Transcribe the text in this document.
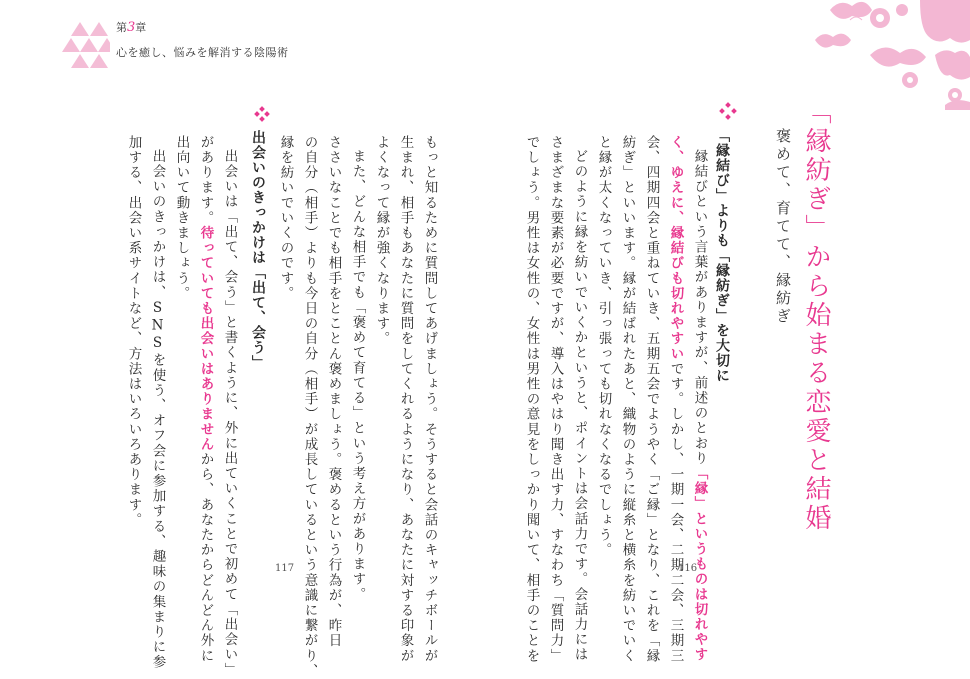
第3章
心を癒し、悩みを解消する陰陽術
もっと知るために質問してあげましょう。そうすると会話のキャッチボールが
生まれ、相手もあなたに質問をしてくれるようになり、あなたに対する印象が
よくなって縁が強くなります。
また、どんな相手でも「褒めて育てる」という考え方があります。
ささいなことでも相手をとことん褒めましょう。褒めるという行為が、昨日
の自分（相手）よりも今日の自分（相手）が成長しているという意識に繋がり、
縁を紡いでいくのです。
出会いのきっかけは「出て、会う」
出会いは「出て、会う」と書くように、外に出ていくことで初めて「出会い」
があります。待っていても出会いはありませんから、あなたからどんどん外に
出向いて動きましょう。
出会いのきっかけは、SNSを使う、オフ会に参加する、趣味の集まりに参
加する、出会い系サイトなど、方法はいろいろあります。
117
「縁紡ぎ」から始まる恋愛と結婚
褒めて、育てて、縁紡ぎ
「縁結び」よりも「縁紡ぎ」を大切に
縁結びという言葉がありますが、前述のとおり「縁」というものは切れやす
く、ゆえに、縁結びも切れやすいです。しかし、一期一会、二期二会、三期三
会、四期四会と重ねていき、五期五会でようやく「ご縁」となり、これを「縁
紡ぎ」といいます。縁が結ばれたあと、織物のように縦糸と横糸を紡いでいく
と縁が太くなっていき、引っ張っても切れなくなるでしょう。
どのように縁を紡いでいくかというと、ポイントは会話力です。会話力には
さまざまな要素が必要ですが、導入はやはり聞き出す力、すなわち「質問力」
でしょう。男性は女性の、女性は男性の意見をしっかり聞いて、相手のことを	116
